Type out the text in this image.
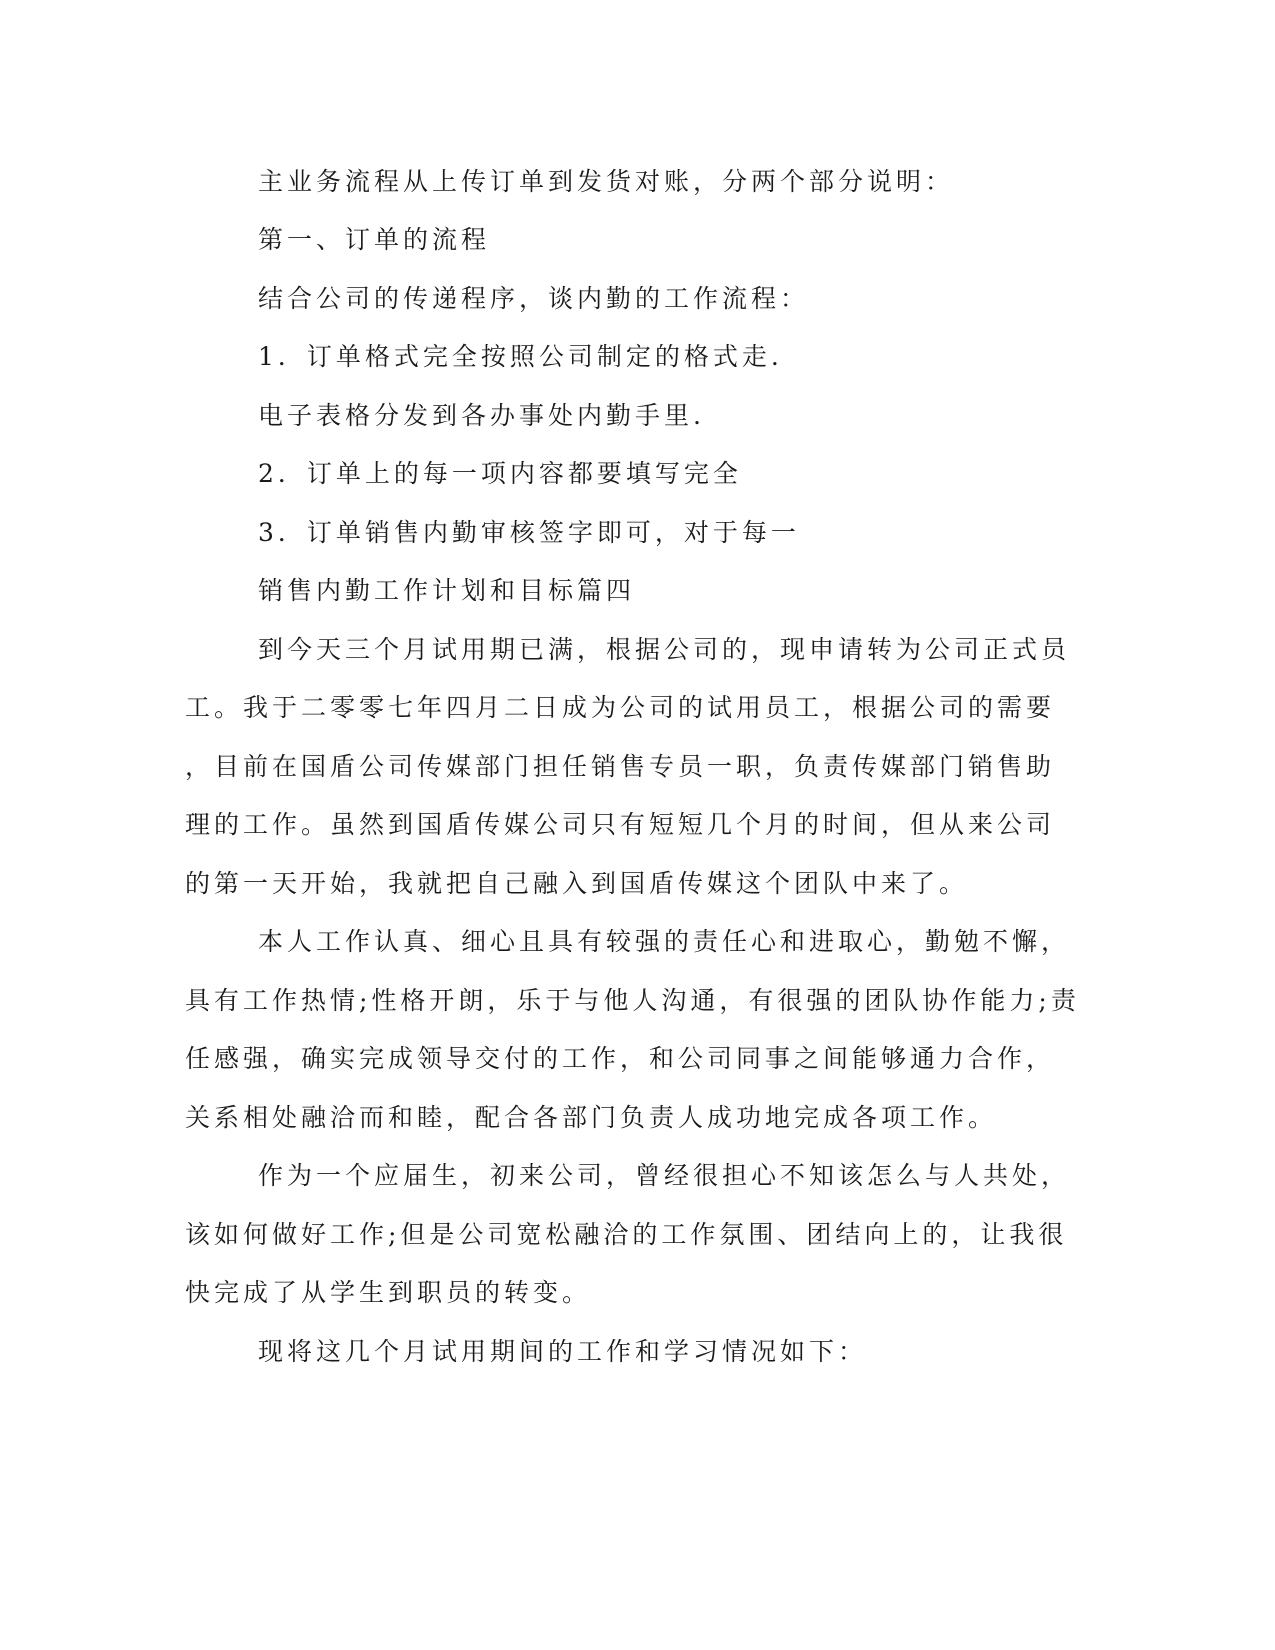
主业务流程从上传订单到发货对账，分两个部分说明：
第一、订单的流程
结合公司的传递程序，谈内勤的工作流程：
1．订单格式完全按照公司制定的格式走.
电子表格分发到各办事处内勤手里.
2．订单上的每一项内容都要填写完全
3．订单销售内勤审核签字即可，对于每一
销售内勤工作计划和目标篇四
到今天三个月试用期已满，根据公司的，现申请转为公司正式员
工。我于二零零七年四月二日成为公司的试用员工，根据公司的需要
，目前在国盾公司传媒部门担任销售专员一职，负责传媒部门销售助
理的工作。虽然到国盾传媒公司只有短短几个月的时间，但从来公司
的第一天开始，我就把自己融入到国盾传媒这个团队中来了。
本人工作认真、细心且具有较强的责任心和进取心，勤勉不懈，
具有工作热情;性格开朗，乐于与他人沟通，有很强的团队协作能力;责
任感强，确实完成领导交付的工作，和公司同事之间能够通力合作，
关系相处融洽而和睦，配合各部门负责人成功地完成各项工作。
作为一个应届生，初来公司，曾经很担心不知该怎么与人共处，
该如何做好工作;但是公司宽松融洽的工作氛围、团结向上的，让我很
快完成了从学生到职员的转变。
现将这几个月试用期间的工作和学习情况如下：
